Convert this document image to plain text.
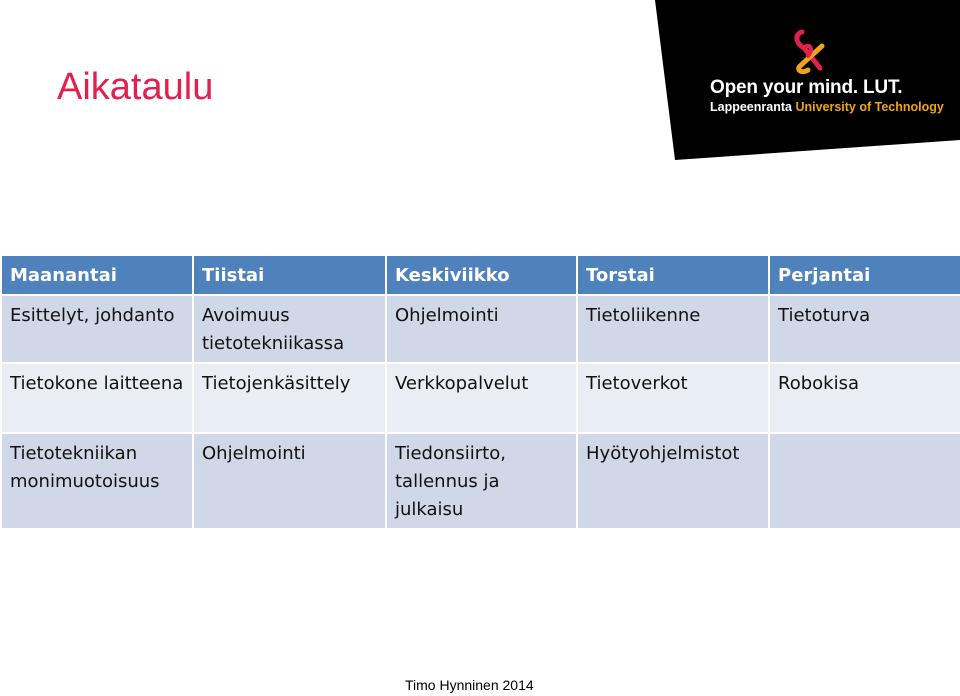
Aikataulu	Open your mind. LUT.
Lappeenranta University of Technology
Maanantai	Tiistai	Keskiviikko	Torstai	Perjantai
Esittelyt, johdanto	Avoimuus tietotekniikassa	Ohjelmointi	Tietoliikenne	Tietoturva
Tietokone laitteena	Tietojenkäsittely	Verkkopalvelut	Tietoverkot	Robokisa
Tietotekniikan monimuotoisuus	Ohjelmointi	Tiedonsiirto, tallennus ja julkaisu	Hyötyohjelmistot	
Timo Hynninen 2014
